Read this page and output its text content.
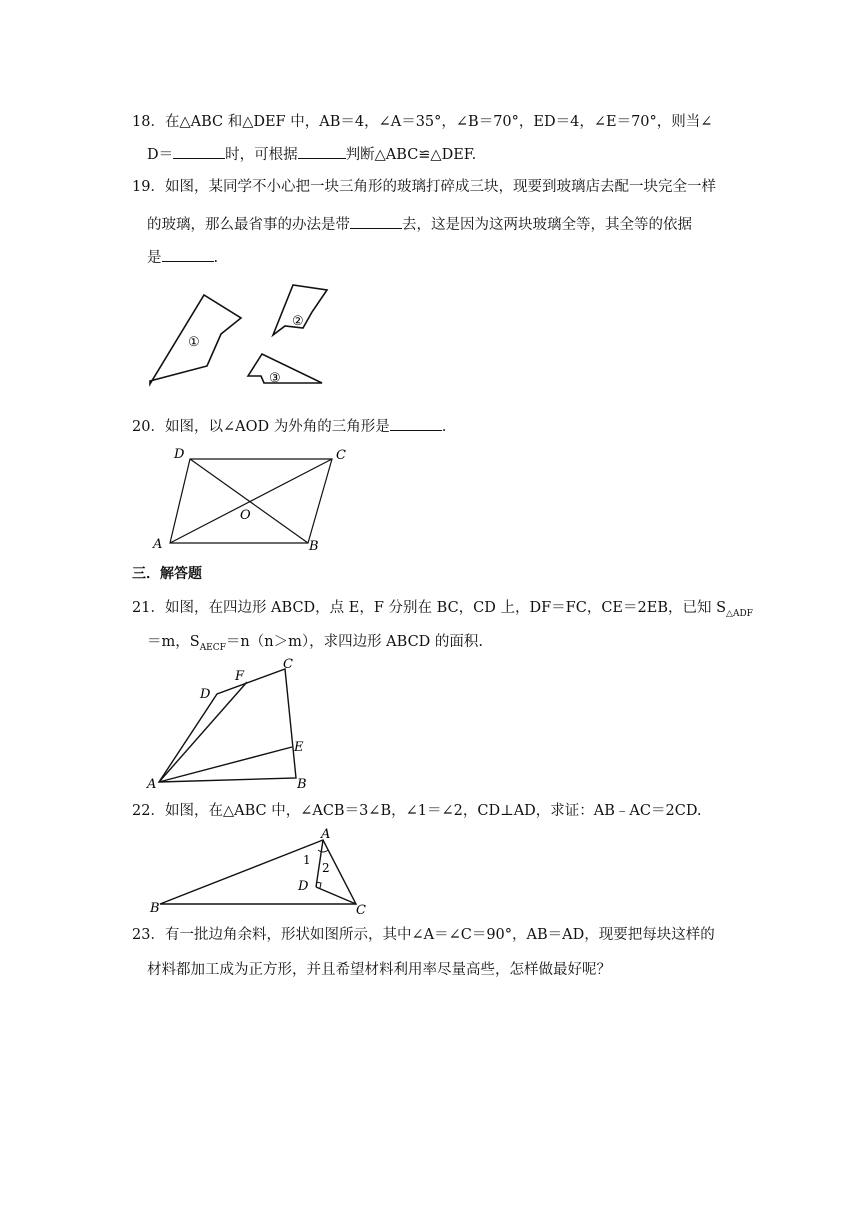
18．在△ABC 和△DEF 中，AB＝4，∠A＝35°，∠B＝70°，ED＝4，∠E＝70°，则当∠
D＝	时，可根据	判断△ABC≌△DEF.
19．如图，某同学不小心把一块三角形的玻璃打碎成三块，现要到玻璃店去配一块完全一样
的玻璃，那么最省事的办法是带	去，这是因为这两块玻璃全等，其全等的依据
是	.
①
②
③
20．如图，以∠AOD 为外角的三角形是	.
A	B
C
D
O
三．解答题
21．如图，在四边形 ABCD，点 E，F 分别在 BC，CD 上，DF＝FC，CE＝2EB，已知 $S_{\triangle ADF}$
＝m，$S_{AECF}=n(n>m)$，求四边形 ABCD 的面积.
A	B
C
D
E
F
22．如图，在△ABC 中，∠ACB＝3∠B，∠1＝∠2，CD⊥AD，求证：AB﹣AC＝2CD.
A
B	C
D
1
2
23．有一批边角余料，形状如图所示，其中∠A＝∠C＝90°，AB＝AD，现要把每块这样的
材料都加工成为正方形，并且希望材料利用率尽量高些，怎样做最好呢？
